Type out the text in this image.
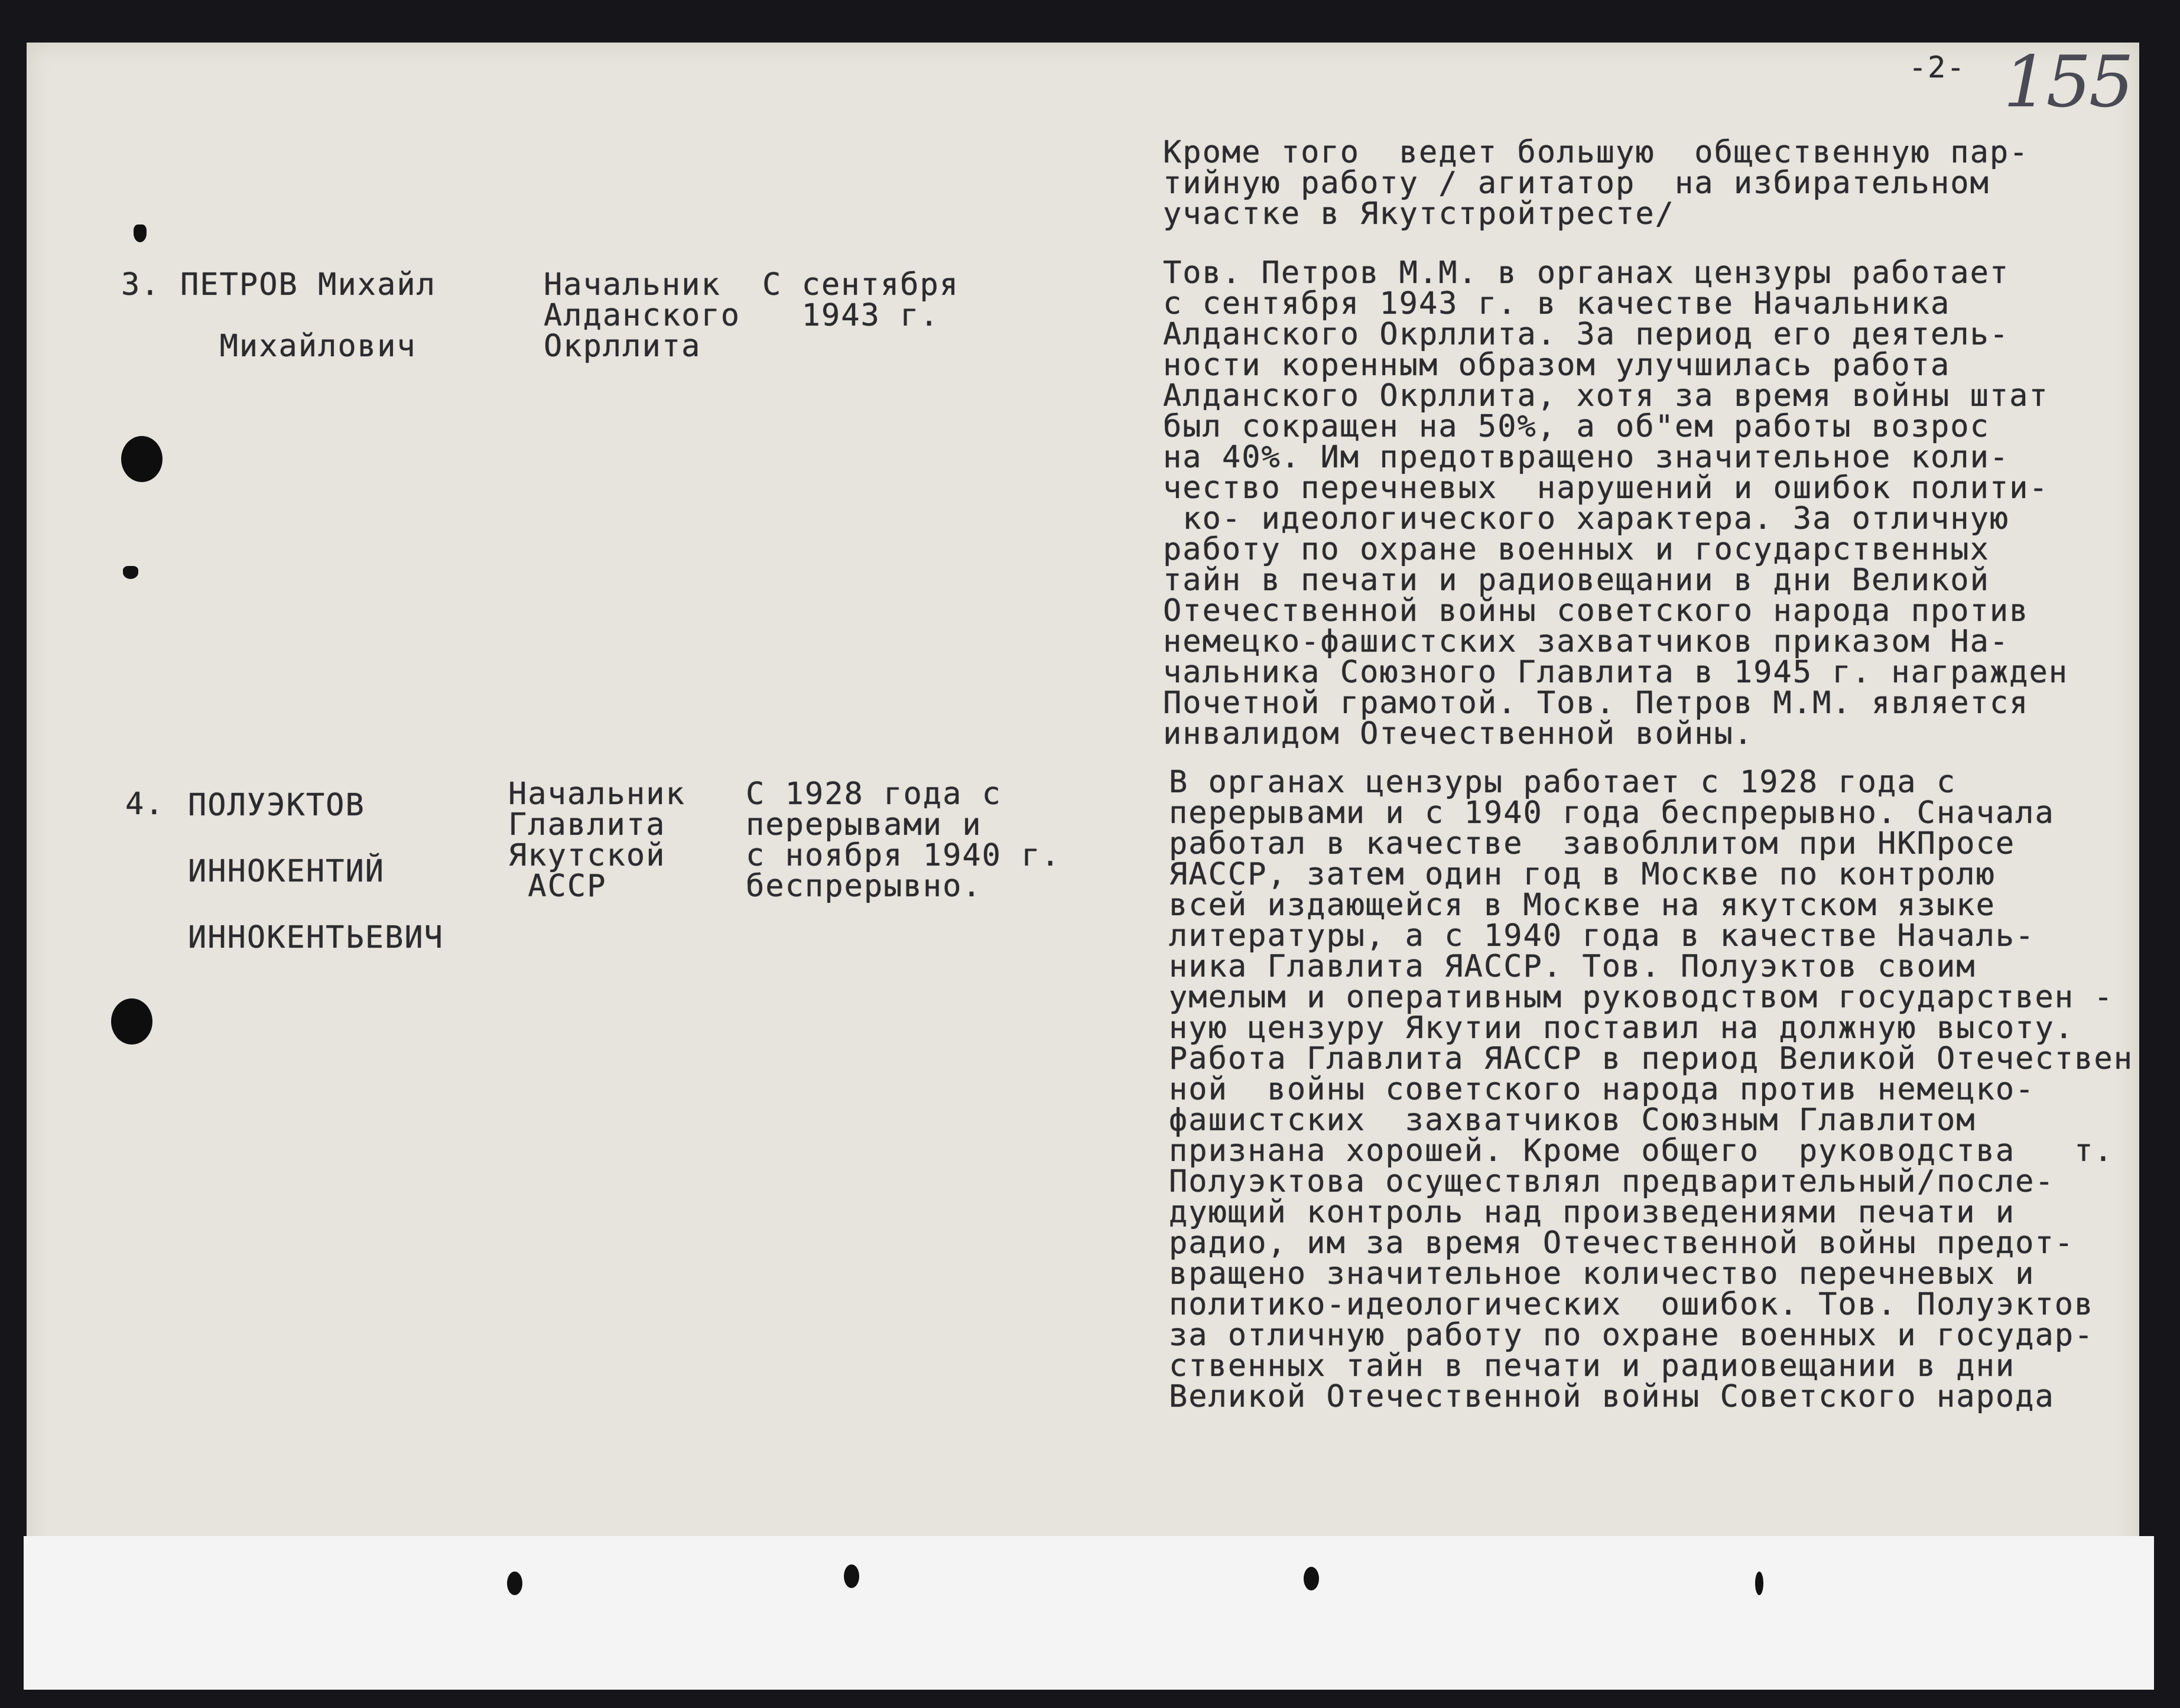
-2- 155
Кроме того  ведет большую  общественную пар-
тийную работу / агитатор  на избирательном
участке в Якутстройтресте/
3. ПЕТРОВ Михайл

Михайлович
Начальник
Алданского
Окрллита
С сентября
1943 г.
Тов. Петров М.М. в органах цензуры работает
с сентября 1943 г. в качестве Начальника
Алданского Окрллита. За период его деятель-
ности коренным образом улучшилась работа
Алданского Окрллита, хотя за время войны штат
был сокращен на 50%, а об"ем работы возрос
на 40%. Им предотвращено значительное коли-
чество перечневых  нарушений и ошибок полити-
ко- идеологического характера. За отличную
работу по охране военных и государственных
тайн в печати и радиовещании в дни Великой
Отечественной войны советского народа против
немецко-фашистских захватчиков приказом На-
чальника Союзного Главлита в 1945 г. награжден
Почетной грамотой. Тов. Петров М.М. является
инвалидом Отечественной войны.
4. ПОЛУЭКТОВ

ИННОКЕНТИЙ

ИННОКЕНТЬЕВИЧ
Начальник
Главлита
Якутской
АССР
С 1928 года с
перерывами и
с ноября 1940 г.
беспрерывно.
В органах цензуры работает с 1928 года с
перерывами и с 1940 года беспрерывно. Сначала
работал в качестве  завобллитом при НКПросе
ЯАССР, затем один год в Москве по контролю
всей издающейся в Москве на якутском языке
литературы, а с 1940 года в качестве Началь-
ника Главлита ЯАССР. Тов. Полуэктов своим
умелым и оперативным руководством государствен -
ную цензуру Якутии поставил на должную высоту.
Работа Главлита ЯАССР в период Великой Отечествен
ной  войны советского народа против немецко-
фашистских  захватчиков Союзным Главлитом
признана хорошей. Кроме общего  руководства   т.
Полуэктова осуществлял предварительный/после-
дующий контроль над произведениями печати и
радио, им за время Отечественной войны предот-
вращено значительное количество перечневых и
политико-идеологических  ошибок. Тов. Полуэктов
за отличную работу по охране военных и государ-
ственных тайн в печати и радиовещании в дни
Великой Отечественной войны Советского народа
